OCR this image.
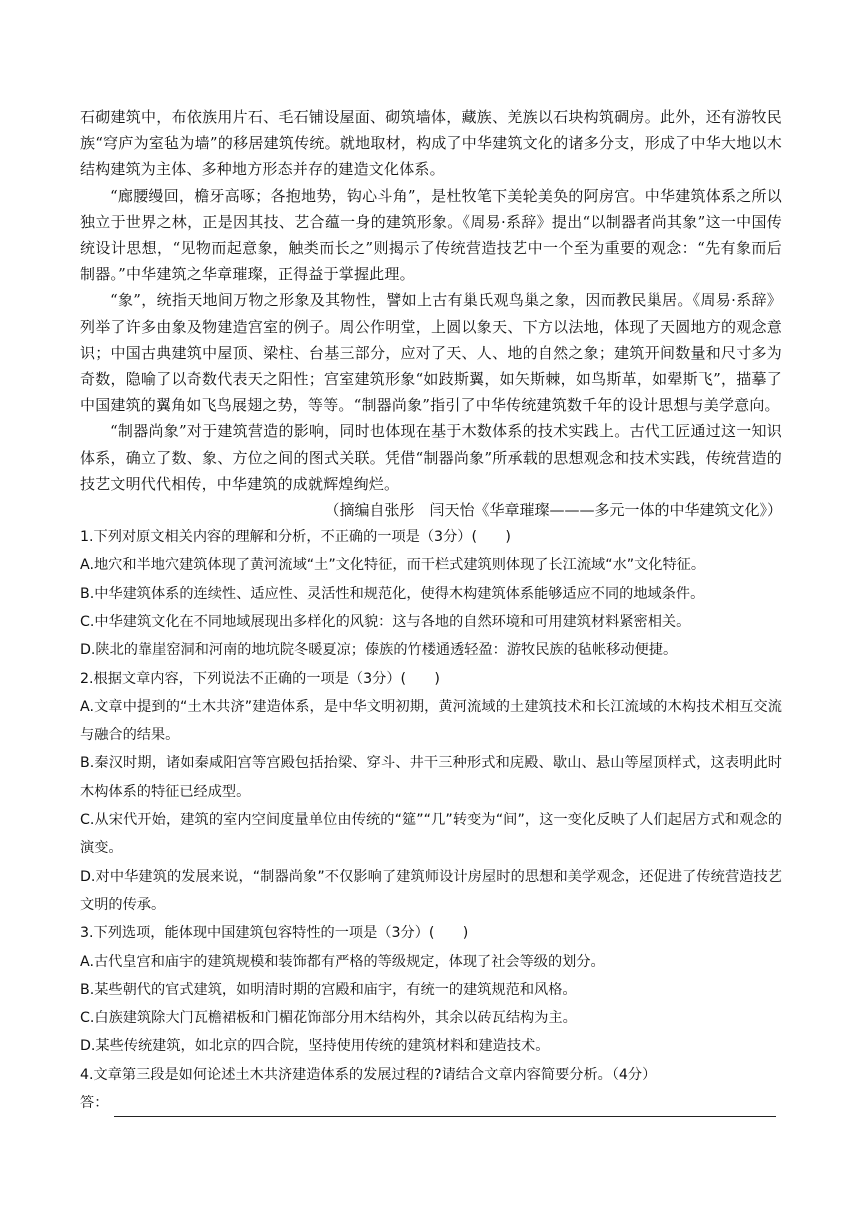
石砌建筑中，布依族用片石、毛石铺设屋面、砌筑墙体，藏族、羌族以石块构筑碉房。此外，还有游牧民族“穹庐为室毡为墙”的移居建筑传统。就地取材，构成了中华建筑文化的诸多分支，形成了中华大地以木结构建筑为主体、多种地方形态并存的建造文化体系。

“廊腰缦回，檐牙高啄；各抱地势，钩心斗角”，是杜牧笔下美轮美奂的阿房宫。中华建筑体系之所以独立于世界之林，正是因其技、艺合蕴一身的建筑形象。《周易·系辞》提出“以制器者尚其象”这一中国传统设计思想，“见物而起意象，触类而长之”则揭示了传统营造技艺中一个至为重要的观念：“先有象而后制器。”中华建筑之华章璀璨，正得益于掌握此理。

“象”，统指天地间万物之形象及其物性，譬如上古有巢氏观鸟巢之象，因而教民巢居。《周易·系辞》列举了许多由象及物建造宫室的例子。周公作明堂，上圆以象天、下方以法地，体现了天圆地方的观念意识；中国古典建筑中屋顶、梁柱、台基三部分，应对了天、人、地的自然之象；建筑开间数量和尺寸多为奇数，隐喻了以奇数代表天之阳性；宫室建筑形象“如跂斯翼，如矢斯棘，如鸟斯革，如翚斯飞”，描摹了中国建筑的翼角如飞鸟展翅之势，等等。“制器尚象”指引了中华传统建筑数千年的设计思想与美学意向。

“制器尚象”对于建筑营造的影响，同时也体现在基于木数体系的技术实践上。古代工匠通过这一知识体系，确立了数、象、方位之间的图式关联。凭借“制器尚象”所承载的思想观念和技术实践，传统营造的技艺文明代代相传，中华建筑的成就辉煌绚烂。

（摘编自张彤　闫天怡《华章璀璨———多元一体的中华建筑文化》）

1.下列对原文相关内容的理解和分析，不正确的一项是（3分）(　　)

A.地穴和半地穴建筑体现了黄河流域“土”文化特征，而干栏式建筑则体现了长江流域“水”文化特征。

B.中华建筑体系的连续性、适应性、灵活性和规范化，使得木构建筑体系能够适应不同的地域条件。

C.中华建筑文化在不同地域展现出多样化的风貌：这与各地的自然环境和可用建筑材料紧密相关。

D.陕北的靠崖窑洞和河南的地坑院冬暖夏凉；傣族的竹楼通透轻盈：游牧民族的毡帐移动便捷。

2.根据文章内容，下列说法不正确的一项是（3分）(　　)

A.文章中提到的“土木共济”建造体系，是中华文明初期，黄河流域的土建筑技术和长江流域的木构技术相互交流与融合的结果。

B.秦汉时期，诸如秦咸阳宫等宫殿包括抬梁、穿斗、井干三种形式和庑殿、歇山、悬山等屋顶样式，这表明此时木构体系的特征已经成型。

C.从宋代开始，建筑的室内空间度量单位由传统的“筵”“几”转变为“间”，这一变化反映了人们起居方式和观念的演变。

D.对中华建筑的发展来说，“制器尚象”不仅影响了建筑师设计房屋时的思想和美学观念，还促进了传统营造技艺文明的传承。

3.下列选项，能体现中国建筑包容特性的一项是（3分）(　　)

A.古代皇宫和庙宇的建筑规模和装饰都有严格的等级规定，体现了社会等级的划分。

B.某些朝代的官式建筑，如明清时期的宫殿和庙宇，有统一的建筑规范和风格。

C.白族建筑除大门瓦檐裙板和门楣花饰部分用木结构外，其余以砖瓦结构为主。

D.某些传统建筑，如北京的四合院，坚持使用传统的建筑材料和建造技术。

4.文章第三段是如何论述土木共济建造体系的发展过程的?请结合文章内容简要分析。（4分）

答：
